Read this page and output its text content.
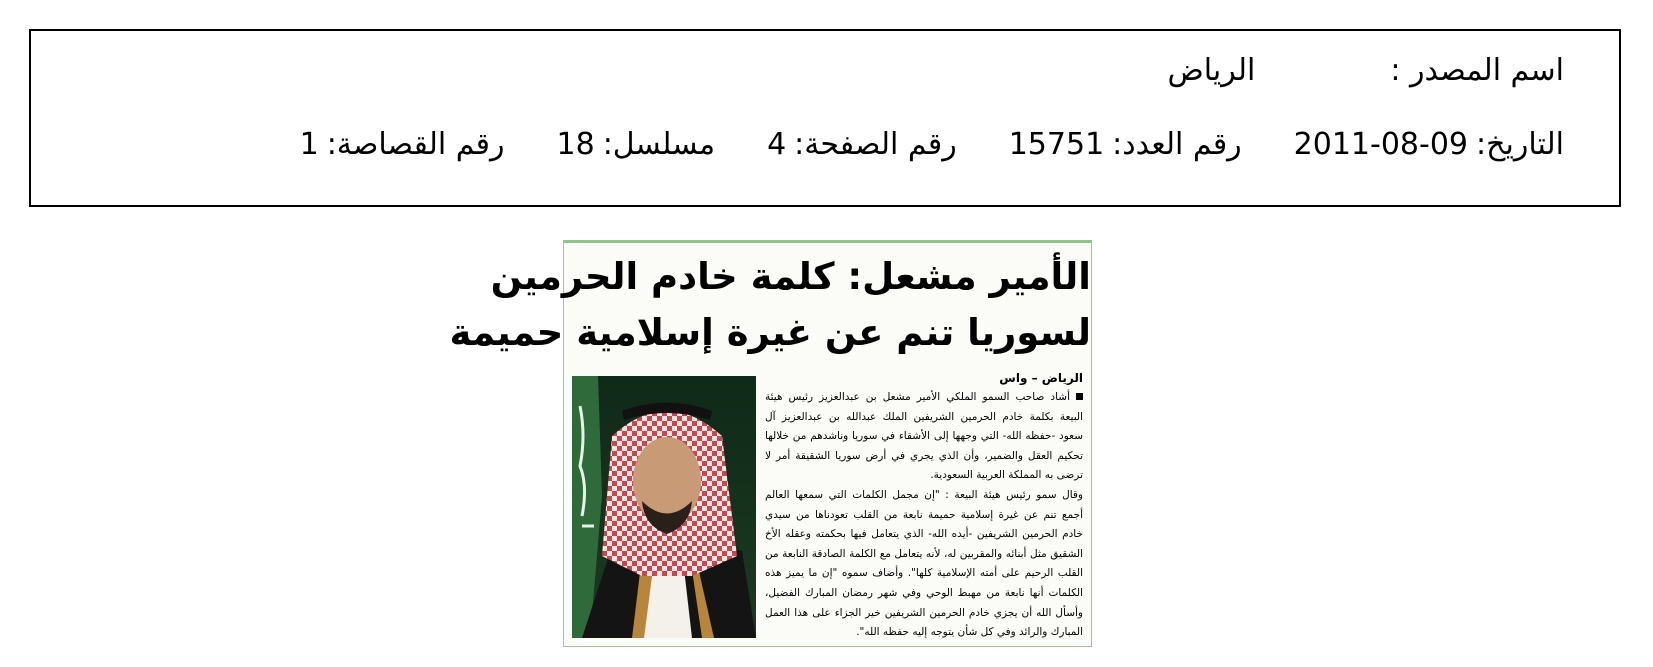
اسم المصدر :
الرياض
التاريخ:
2011-08-09
رقم العدد:
15751
رقم الصفحة:
4
مسلسل:
18
رقم القصاصة:
1
الأمير مشعل: كلمة خادم الحرمين
لسوريا تنم عن غيرة إسلامية حميمة
الرياض – واس

أشاد صاحب السمو الملكي الأمير مشعل بن عبدالعزيز رئيس هيئة البيعة بكلمة خادم الحرمين الشريفين الملك عبدالله بن عبدالعزيز آل سعود -حفظه الله- التي وجهها إلى الأشقاء في سوريا وناشدهم من خلالها تحكيم العقل والضمير، وأن الذي يجري في أرض سوريا الشقيقة أمر لا ترضى به المملكة العربية السعودية.

وقال سمو رئيس هيئة البيعة : "إن مجمل الكلمات التي سمعها العالم أجمع تنم عن غيرة إسلامية حميمة نابعة من القلب تعودناها من سيدي خادم الحرمين الشريفين -أيده الله- الذي يتعامل فيها بحكمته وعقله الأخ الشقيق مثل أبنائه والمقربين له، لأنه يتعامل مع الكلمة الصادقة النابعة من القلب الرحيم على أمته الإسلامية كلها". وأضاف سموه "إن ما يميز هذه الكلمات أنها نابعة من مهبط الوحي وفي شهر رمضان المبارك الفضيل، وأسأل الله أن يجزي خادم الحرمين الشريفين خير الجزاء على هذا العمل المبارك والرائد وفي كل شأن يتوجه إليه حفظه الله".
